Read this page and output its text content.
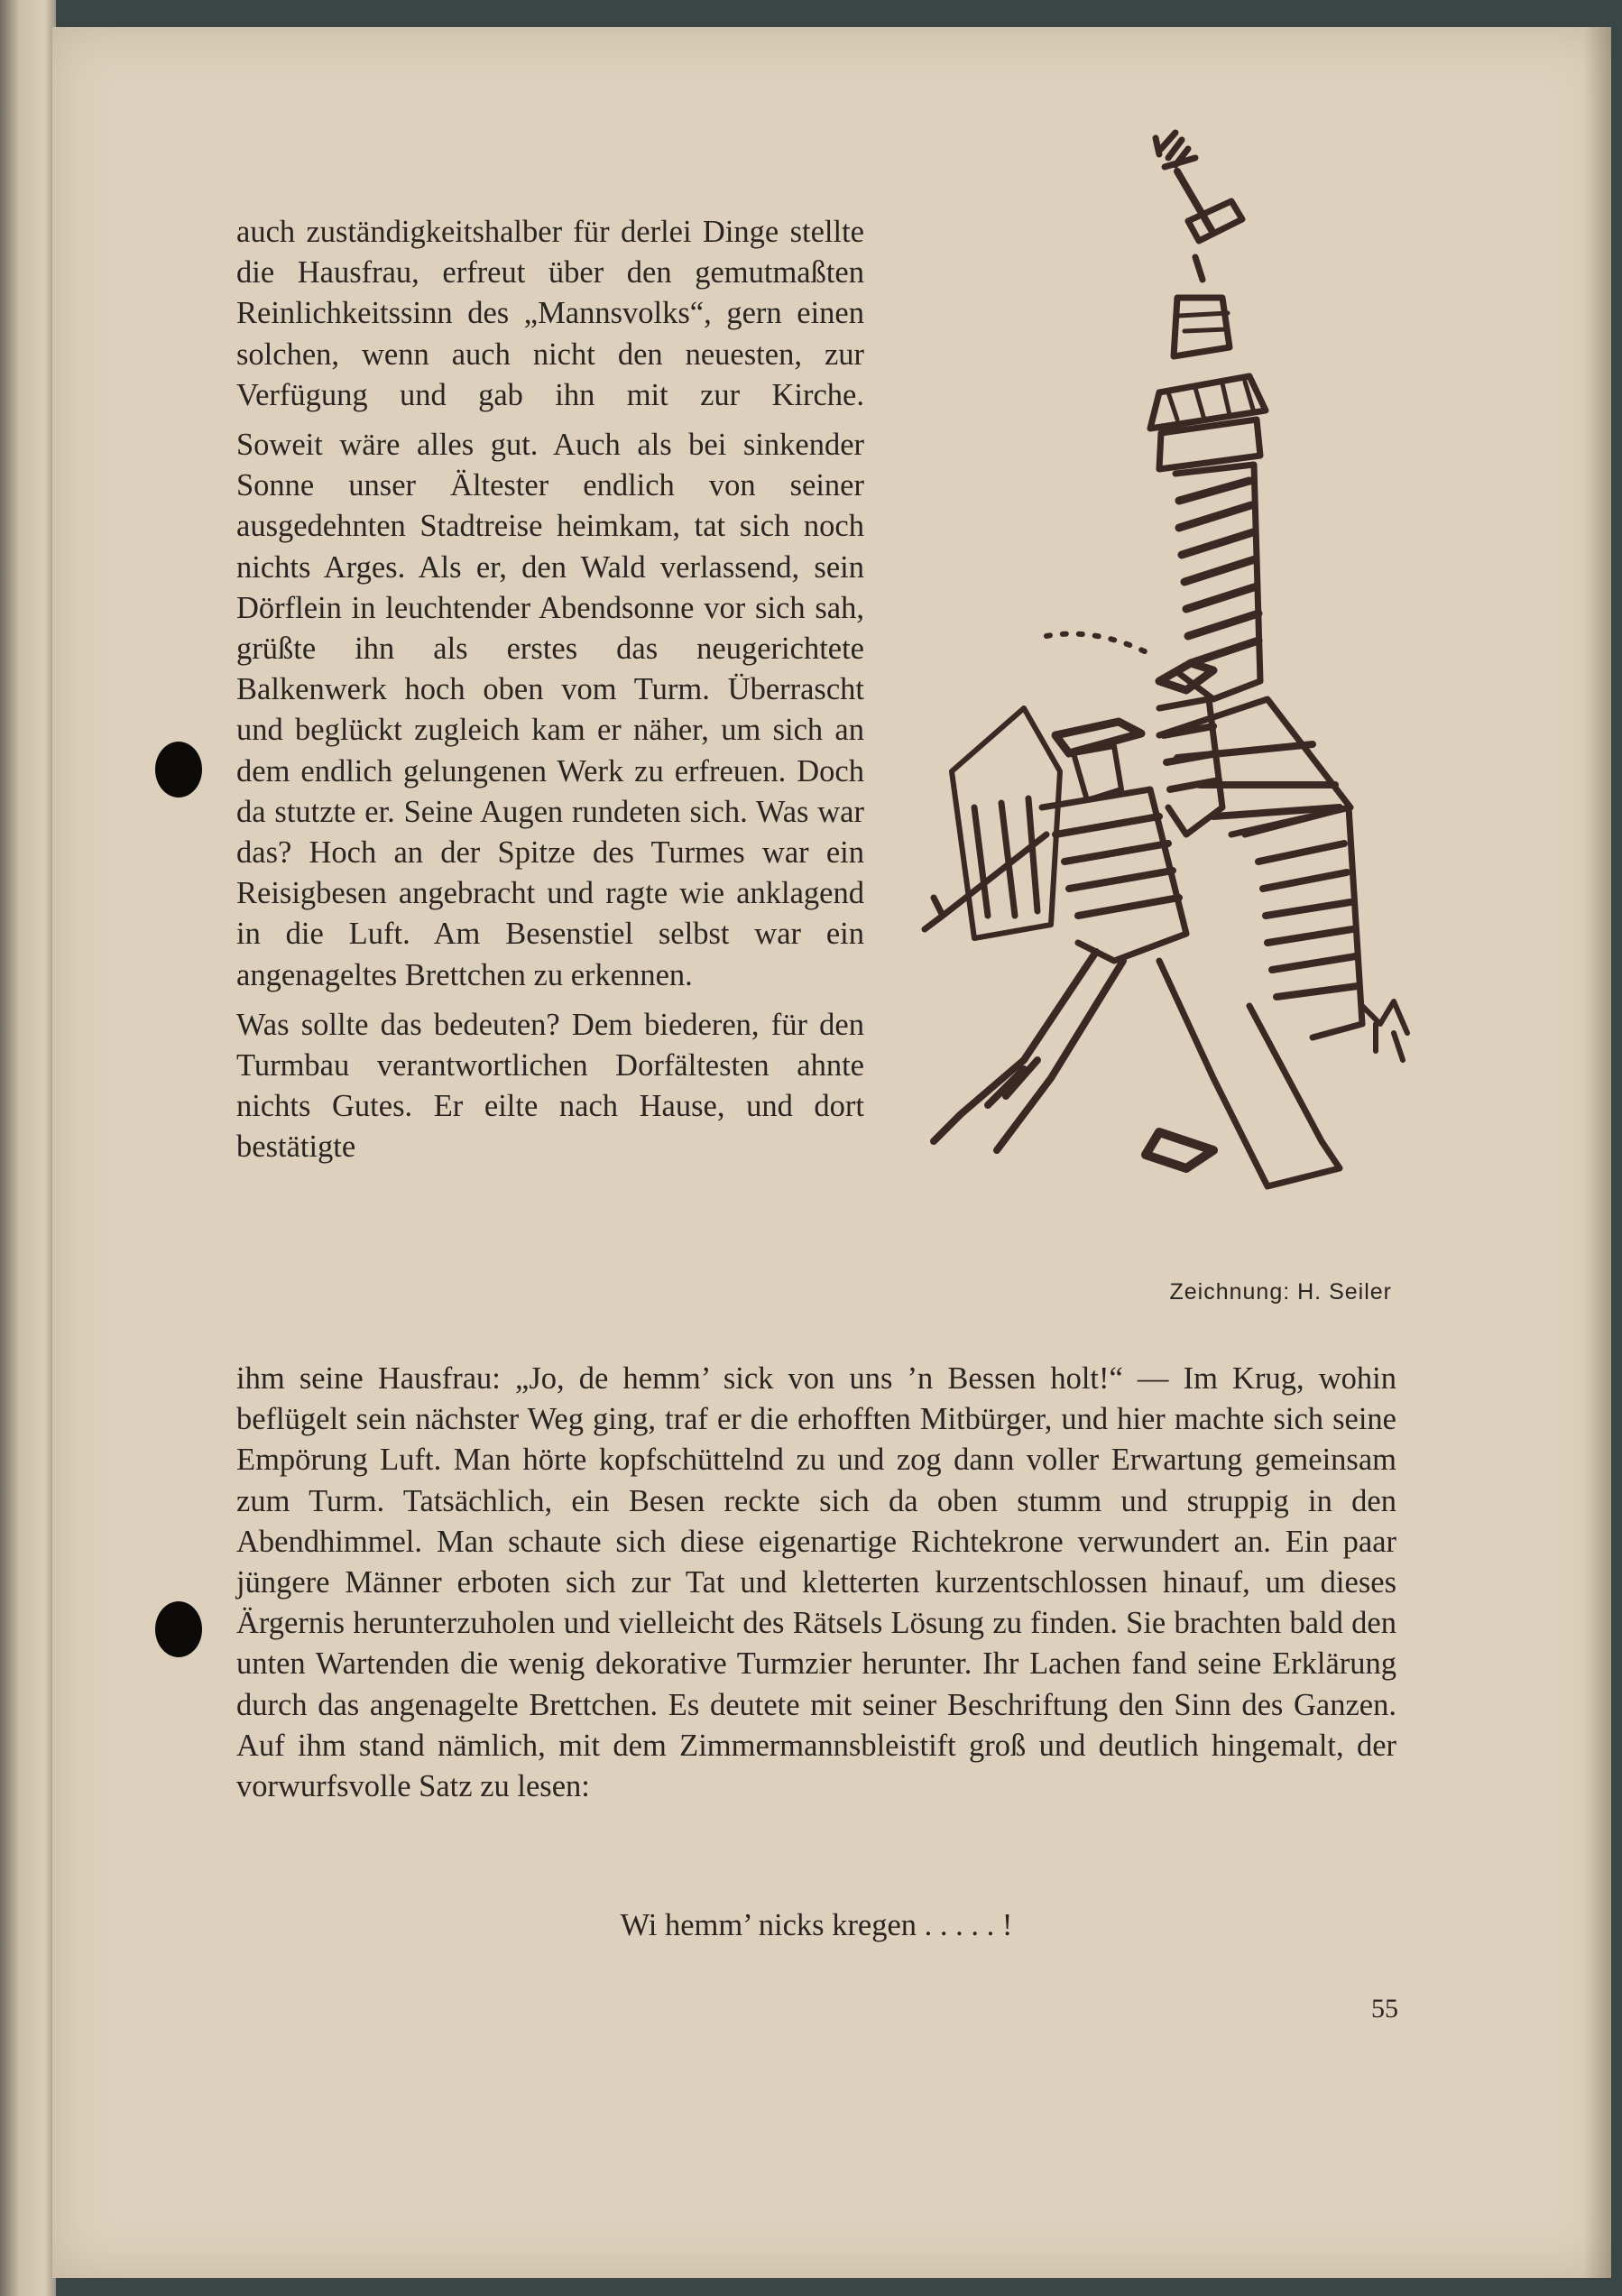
auch zuständigkeitshalber für derlei Dinge stellte die Hausfrau, erfreut über den gemutmaßten Reinlichkeitssinn des „Mannsvolks“, gern einen solchen, wenn auch nicht den neuesten, zur Verfügung und gab ihn mit zur Kirche.

Soweit wäre alles gut. Auch als bei sinkender Sonne unser Ältester endlich von seiner ausgedehnten Stadtreise heimkam, tat sich noch nichts Arges. Als er, den Wald verlassend, sein Dörflein in leuchtender Abendsonne vor sich sah, grüßte ihn als erstes das neugerichtete Balkenwerk hoch oben vom Turm. Überrascht und beglückt zugleich kam er näher, um sich an dem endlich gelungenen Werk zu erfreuen. Doch da stutzte er. Seine Augen rundeten sich. Was war das? Hoch an der Spitze des Turmes war ein Reisigbesen angebracht und ragte wie anklagend in die Luft. Am Besenstiel selbst war ein angenageltes Brettchen zu erkennen.

Was sollte das bedeuten? Dem biederen, für den Turmbau verantwortlichen Dorfältesten ahnte nichts Gutes. Er eilte nach Hause, und dort bestätigte

ihm seine Hausfrau: „Jo, de hemm’ sick von uns ’n Bessen holt!“ — Im Krug, wohin beflügelt sein nächster Weg ging, traf er die erhofften Mitbürger, und hier machte sich seine Empörung Luft. Man hörte kopfschüttelnd zu und zog dann voller Erwartung gemeinsam zum Turm. Tatsächlich, ein Besen reckte sich da oben stumm und struppig in den Abendhimmel. Man schaute sich diese eigenartige Richtekrone verwundert an. Ein paar jüngere Männer erboten sich zur Tat und kletterten kurzentschlossen hinauf, um dieses Ärgernis herunterzuholen und vielleicht des Rätsels Lösung zu finden. Sie brachten bald den unten Wartenden die wenig dekorative Turmzier herunter. Ihr Lachen fand seine Erklärung durch das angenagelte Brettchen. Es deutete mit seiner Beschriftung den Sinn des Ganzen. Auf ihm stand nämlich, mit dem Zimmermannsbleistift groß und deutlich hingemalt, der vorwurfsvolle Satz zu lesen:

Wi hemm’ nicks kregen . . . . . !
Zeichnung: H. Seiler
55
